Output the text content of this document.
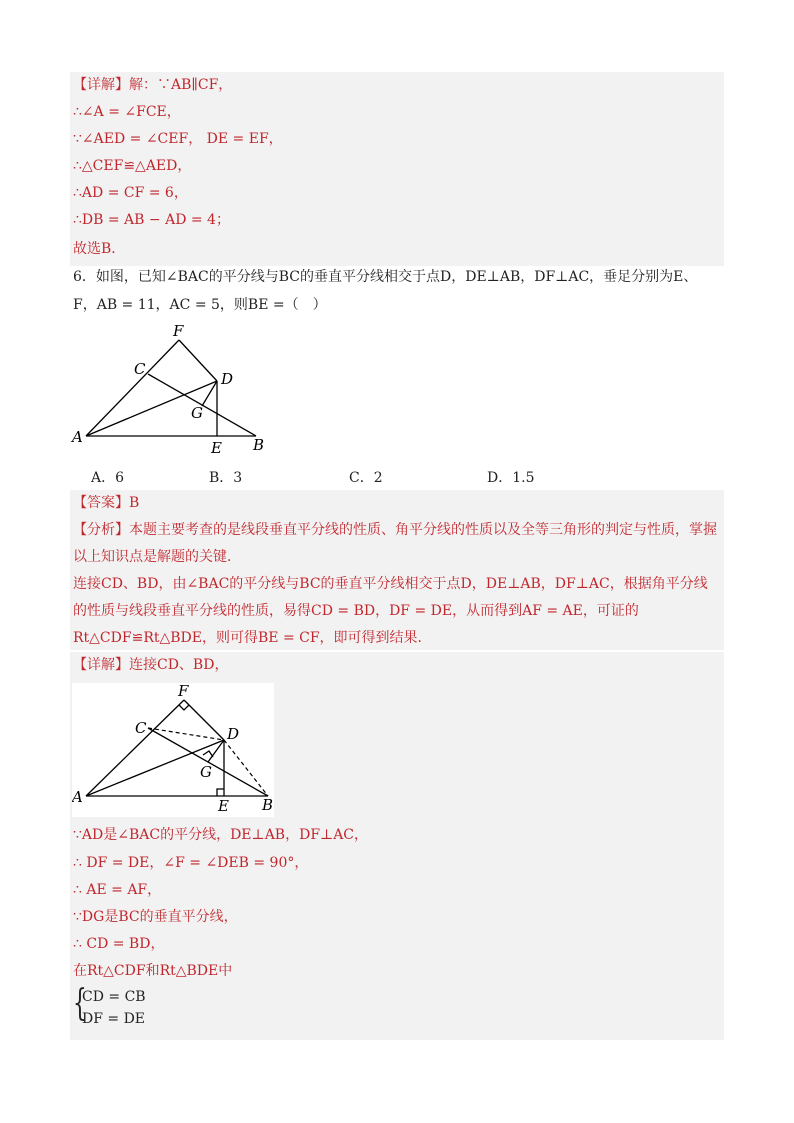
【详解】解：∵AB∥CF，
∴∠A = ∠FCE，
∵∠AED = ∠CEF， DE = EF，
∴△CEF≌△AED，
∴AD = CF = 6，
∴DB = AB − AD = 4；
故选B．
6．如图，已知∠BAC的平分线与BC的垂直平分线相交于点D，DE⊥AB，DF⊥AC，垂足分别为E、
F，AB = 11，AC = 5，则BE =（　）
F
C
D
G
A
E B
A．6	B．3	C．2	D．1.5
【答案】B
【分析】本题主要考查的是线段垂直平分线的性质、角平分线的性质以及全等三角形的判定与性质，掌握
以上知识点是解题的关键．
连接CD、BD，由∠BAC的平分线与BC的垂直平分线相交于点D，DE⊥AB，DF⊥AC，根据角平分线
的性质与线段垂直平分线的性质，易得CD = BD，DF = DE，从而得到AF = AE，可证的
Rt△CDF≌Rt△BDE，则可得BE = CF，即可得到结果．
【详解】连接CD、BD，
F
C	D
G
A	E B
∵AD是∠BAC的平分线，DE⊥AB，DF⊥AC，
∴ DF = DE，∠F = ∠DEB = 90°，
∴ AE = AF，
∵DG是BC的垂直平分线，
∴ CD = BD，
在Rt△CDF和Rt△BDE中
{
CD = CB
DF = DE
